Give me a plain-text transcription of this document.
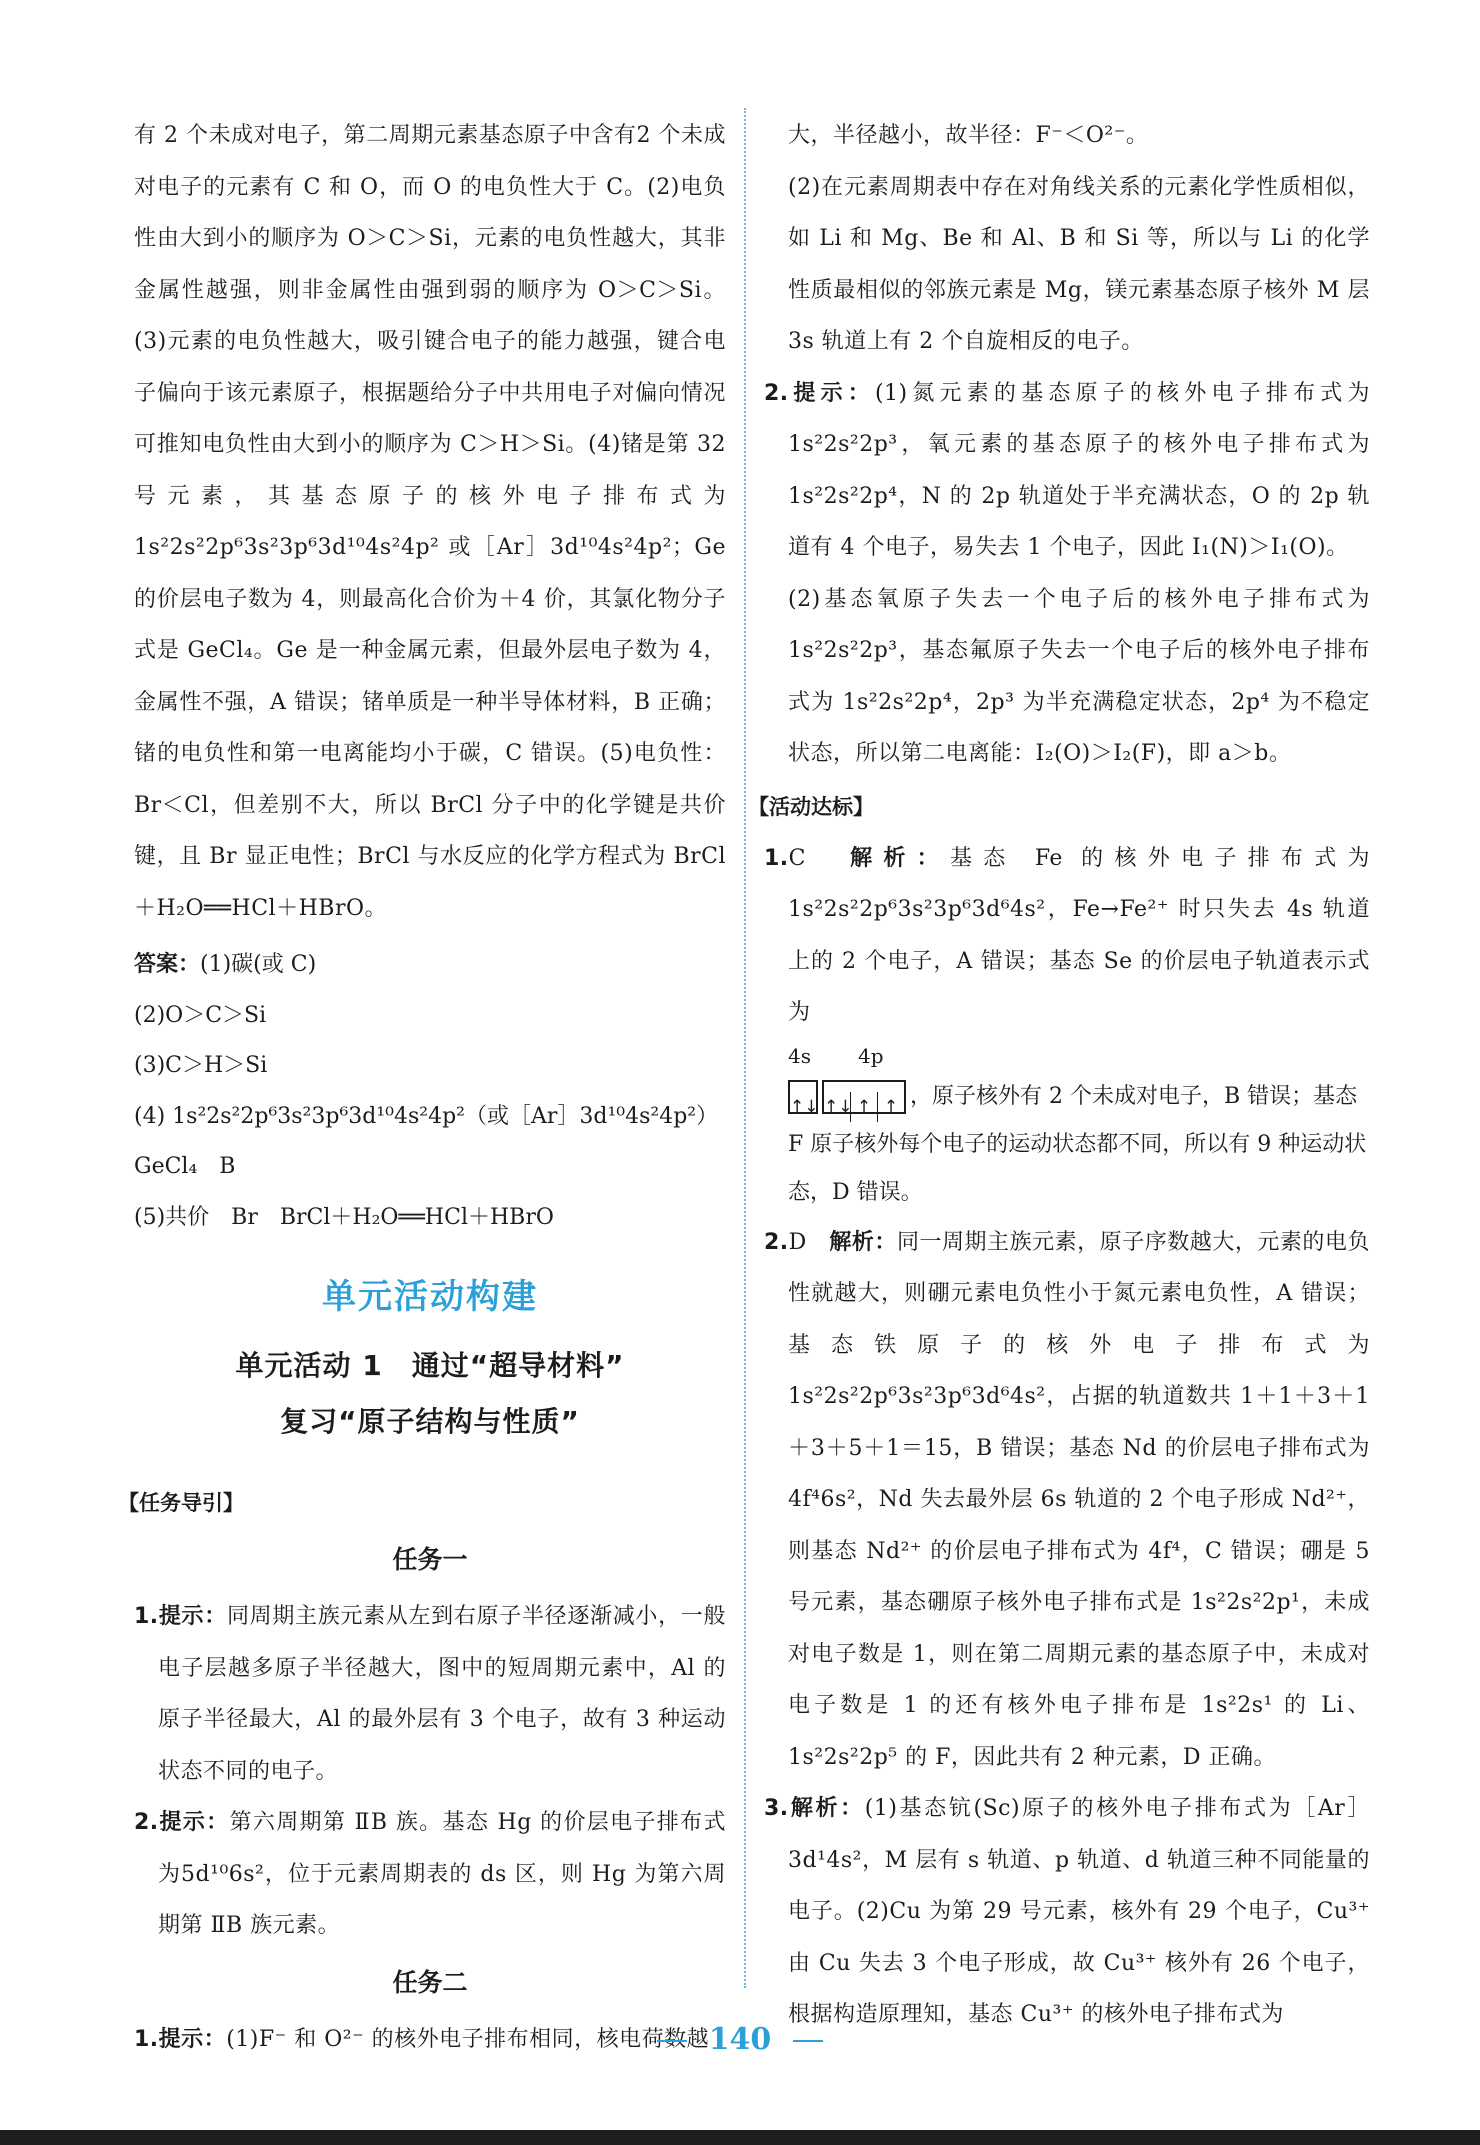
有 2 个未成对电子，第二周期元素基态原子中含有2 个未成对电子的元素有 C 和 O，而 O 的电负性大于 C。(2)电负性由大到小的顺序为 O＞C＞Si，元素的电负性越大，其非金属性越强，则非金属性由强到弱的顺序为 O＞C＞Si。(3)元素的电负性越大，吸引键合电子的能力越强，键合电子偏向于该元素原子，根据题给分子中共用电子对偏向情况可推知电负性由大到小的顺序为 C＞H＞Si。(4)锗是第 32 号元素，其基态原子的核外电子排布式为 1s²2s²2p⁶3s²3p⁶3d¹⁰4s²4p² 或［Ar］3d¹⁰4s²4p²；Ge 的价层电子数为 4，则最高化合价为＋4 价，其氯化物分子式是 GeCl₄。Ge 是一种金属元素，但最外层电子数为 4，金属性不强，A 错误；锗单质是一种半导体材料，B 正确；锗的电负性和第一电离能均小于碳，C 错误。(5)电负性：Br＜Cl，但差别不大，所以 BrCl 分子中的化学键是共价键，且 Br 显正电性；BrCl 与水反应的化学方程式为 BrCl＋H₂O══HCl＋HBrO。

答案：(1)碳(或 C)

(2)O＞C＞Si

(3)C＞H＞Si

(4) 1s²2s²2p⁶3s²3p⁶3d¹⁰4s²4p²（或［Ar］3d¹⁰4s²4p²）

GeCl₄　B

(5)共价　Br　BrCl＋H₂O══HCl＋HBrO

单元活动构建

单元活动 1　通过“超导材料”

复习“原子结构与性质”

【任务导引】

任务一

1.提示：同周期主族元素从左到右原子半径逐渐减小，一般电子层越多原子半径越大，图中的短周期元素中，Al 的原子半径最大，Al 的最外层有 3 个电子，故有 3 种运动状态不同的电子。

2.提示：第六周期第 ⅡB 族。基态 Hg 的价层电子排布式为5d¹⁰6s²，位于元素周期表的 ds 区，则 Hg 为第六周期第 ⅡB 族元素。

任务二

1.提示：(1)F⁻ 和 O²⁻ 的核外电子排布相同，核电荷数越

大，半径越小，故半径：F⁻＜O²⁻。

(2)在元素周期表中存在对角线关系的元素化学性质相似，如 Li 和 Mg、Be 和 Al、B 和 Si 等，所以与 Li 的化学性质最相似的邻族元素是 Mg，镁元素基态原子核外 M 层 3s 轨道上有 2 个自旋相反的电子。

2.提示：(1)氮元素的基态原子的核外电子排布式为 1s²2s²2p³，氧元素的基态原子的核外电子排布式为 1s²2s²2p⁴，N 的 2p 轨道处于半充满状态，O 的 2p 轨道有 4 个电子，易失去 1 个电子，因此 I₁(N)＞I₁(O)。

(2)基态氧原子失去一个电子后的核外电子排布式为 1s²2s²2p³，基态氟原子失去一个电子后的核外电子排布式为 1s²2s²2p⁴，2p³ 为半充满稳定状态，2p⁴ 为不稳定状态，所以第二电离能：I₂(O)＞I₂(F)，即 a＞b。

【活动达标】

1.C　 解析：基态 Fe 的核外电子排布式为 1s²2s²2p⁶3s²3p⁶3d⁶4s²，Fe→Fe²⁺ 时只失去 4s 轨道上的 2 个电子，A 错误；基态 Se 的价层电子轨道表示式为

4s 4p

↑↓ ↑↓ ↑ ↑ ，原子核外有 2 个未成对电子，B 错误；基态 F 原子核外每个电子的运动状态都不同，所以有 9 种运动状态，D 错误。

2.D　 解析：同一周期主族元素，原子序数越大，元素的电负性就越大，则硼元素电负性小于氮元素电负性，A 错误；基态铁原子的核外电子排布式为 1s²2s²2p⁶3s²3p⁶3d⁶4s²，占据的轨道数共 1＋1＋3＋1＋3＋5＋1＝15，B 错误；基态 Nd 的价层电子排布式为 4f⁴6s²，Nd 失去最外层 6s 轨道的 2 个电子形成 Nd²⁺，则基态 Nd²⁺ 的价层电子排布式为 4f⁴，C 错误；硼是 5 号元素，基态硼原子核外电子排布式是 1s²2s²2p¹，未成对电子数是 1，则在第二周期元素的基态原子中，未成对电子数是 1 的还有核外电子排布是 1s²2s¹ 的 Li、1s²2s²2p⁵ 的 F，因此共有 2 种元素，D 正确。

3.解析：(1)基态钪(Sc)原子的核外电子排布式为［Ar］3d¹4s²，M 层有 s 轨道、p 轨道、d 轨道三种不同能量的电子。(2)Cu 为第 29 号元素，核外有 29 个电子，Cu³⁺ 由 Cu 失去 3 个电子形成，故 Cu³⁺ 核外有 26 个电子，根据构造原理知，基态 Cu³⁺ 的核外电子排布式为

140
